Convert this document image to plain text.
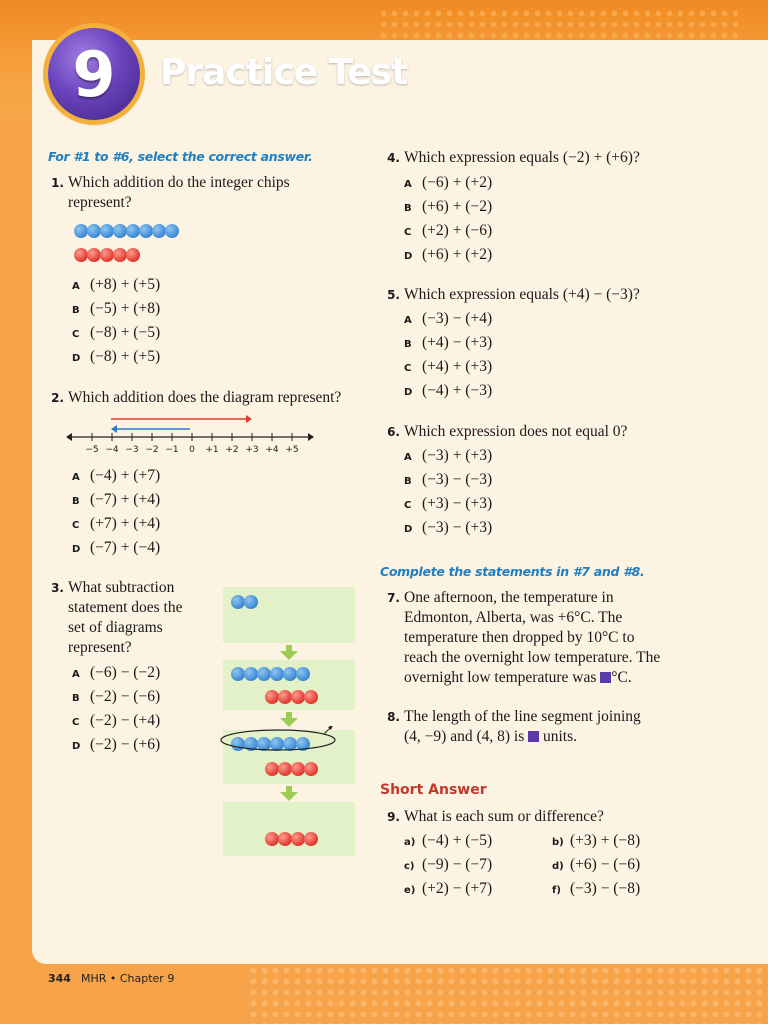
9 Practice Test
For #1 to #6, select the correct answer.
1. Which addition do the integer chips
represent?
A (+8) + (+5)
B (−5) + (+8)
C (−8) + (−5)
D (−8) + (+5)
2. Which addition does the diagram represent?
−5 −4 −3 −2 −1 0 +1 +2 +3 +4 +5
A (−4) + (+7)
B (−7) + (+4)
C (+7) + (+4)
D (−7) + (−4)
3. What subtraction
statement does the
set of diagrams
represent?
A (−6) − (−2)
B (−2) − (−6)
C (−2) − (+4)
D (−2) − (+6)
4. Which expression equals (−2) + (+6)?
A (−6) + (+2)
B (+6) + (−2)
C (+2) + (−6)
D (+6) + (+2)
5. Which expression equals (+4) − (−3)?
A (−3) − (+4)
B (+4) − (+3)
C (+4) + (+3)
D (−4) + (−3)
6. Which expression does not equal 0?
A (−3) + (+3)
B (−3) − (−3)
C (+3) − (+3)
D (−3) − (+3)
Complete the statements in #7 and #8.
7. One afternoon, the temperature in
Edmonton, Alberta, was +6°C. The
temperature then dropped by 10°C to
reach the overnight low temperature. The
overnight low temperature was °C.
8. The length of the line segment joining
(4, −9) and (4, 8) is  units.
Short Answer
9. What is each sum or difference?
a) (−4) + (−5)	b) (+3) + (−8)
c) (−9) − (−7)	d) (+6) − (−6)
e) (+2) − (+7)	f) (−3) − (−8)
344 MHR • Chapter 9
